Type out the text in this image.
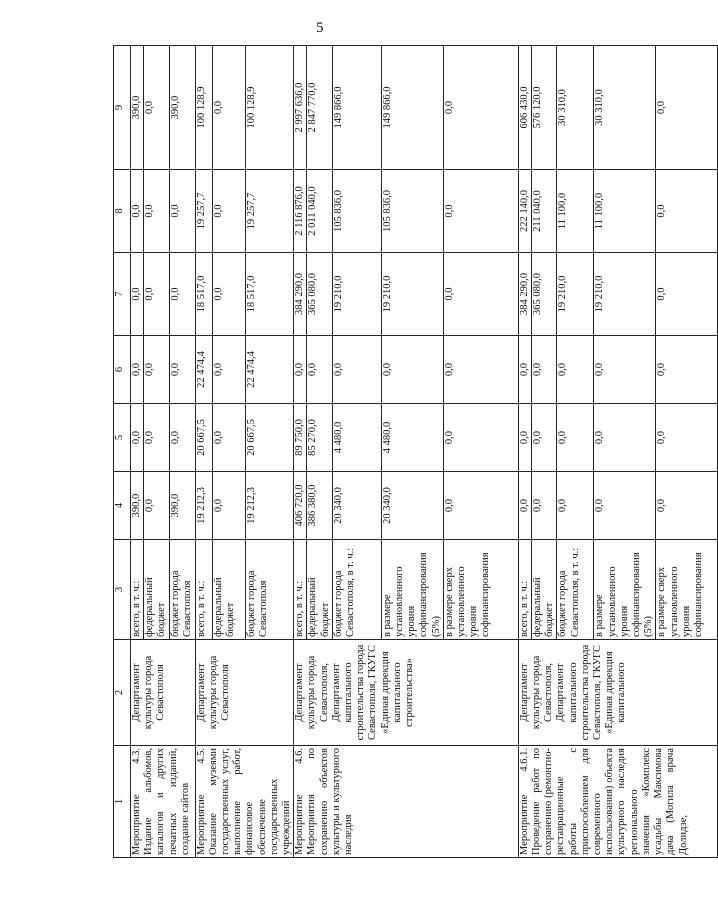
5
1	2	3	4	5	6	7	8	9
Мероприятие 4.3. Издание альбомов, каталогов и других печатных изданий, создание сайтов	Департамент культуры города Севастополя	всего, в т. ч.:	390,0	0,0	0,0	0,0	0,0	390,0
		федеральный бюджет	0,0	0,0	0,0	0,0	0,0	0,0
		бюджет города Севастополя	390,0	0,0	0,0	0,0	0,0	390,0
Мероприятие 4.5. Оказание музеями государственных услуг, выполнение работ, финансовое обеспечение государственных учреждений	Департамент культуры города Севастополя	всего, в т. ч.:	19 212,3	20 667,5	22 474,4	18 517,0	19 257,7	100 128,9
		федеральный бюджет	0,0	0,0	0,0	0,0	0,0	0,0
		бюджет города Севастополя	19 212,3	20 667,5	22 474,4	18 517,0	19 257,7	100 128,9
Мероприятие 4.6. Мероприятия по сохранению объектов культуры и культурного наследия	Департамент культуры города Севастополя, Департамент капитального строительства города Севастополя, ГКУГС «Единая дирекция капитального строительства»	всего, в т. ч.:	406 720,0	89 750,0	0,0	384 290,0	2 116 876,0	2 997 636,0
		федеральный бюджет	386 380,0	85 270,0	0,0	365 080,0	2 011 040,0	2 847 770,0
		бюджет города Севастополя, в т. ч.:	20 340,0	4 480,0	0,0	19 210,0	105 836,0	149 866,0
		в размере установленного уровня софинансирования (5%)	20 340,0	4 480,0	0,0	19 210,0	105 836,0	149 866,0
		в размере сверх установленного уровня софинансирования	0,0	0,0	0,0	0,0	0,0	0,0
Мероприятие 4.6.1. Проведение работ по сохранению (ремонтно-реставрационные работы с приспособлением для современного использования) объекта культурного наследия регионального значения «Комплекс усадьбы Максимова дача (Могила врача Долидзе,	Департамент культуры города Севастополя, Департамент капитального строительства города Севастополя, ГКУГС «Единая дирекция капитального	всего, в т. ч.:	0,0	0,0	0,0	384 290,0	222 140,0	606 430,0
		федеральный бюджет	0,0	0,0	0,0	365 080,0	211 040,0	576 120,0
		бюджет города Севастополя, в т. ч.:	0,0	0,0	0,0	19 210,0	11 100,0	30 310,0
		в размере установленного уровня софинансирования (5%)	0,0	0,0	0,0	19 210,0	11 100,0	30 310,0
		в размере сверх установленного уровня софинансирования	0,0	0,0	0,0	0,0	0,0	0,0
